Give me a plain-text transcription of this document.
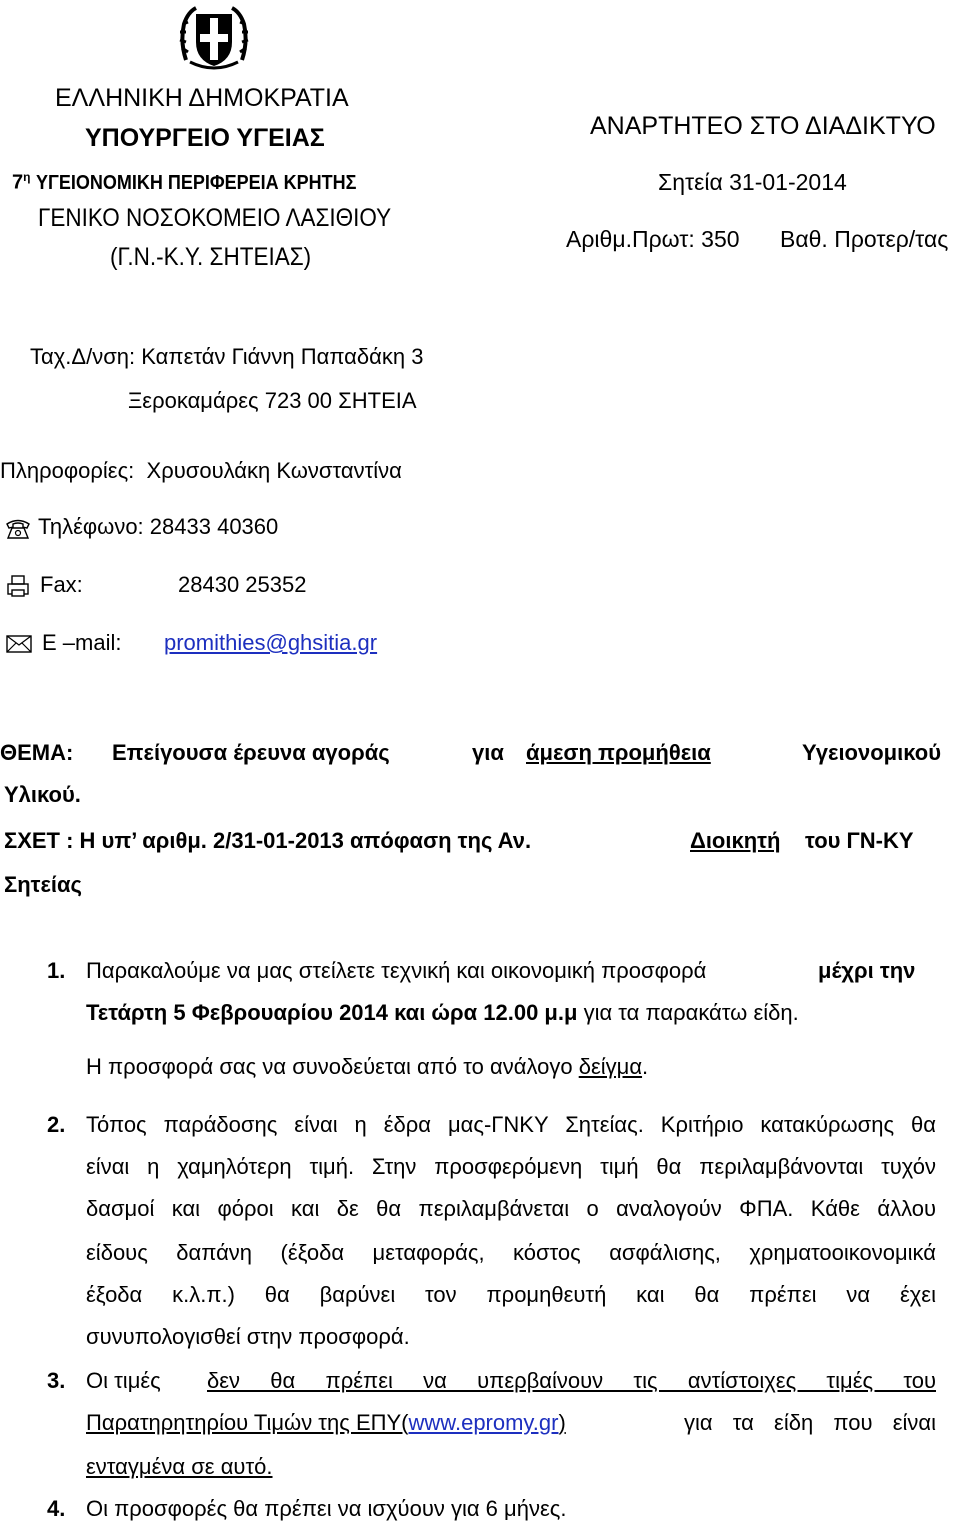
ΕΛΛΗΝΙΚΗ ΔΗΜΟΚΡΑΤΙΑ
ΥΠΟΥΡΓΕΙΟ ΥΓΕΙΑΣ
$7^\eta$ ΥΓΕΙΟΝΟΜΙΚΗ ΠΕΡΙΦΕΡΕΙΑ ΚΡΗΤΗΣ
ΓΕΝΙΚΟ ΝΟΣΟΚΟΜΕΙΟ ΛΑΣΙΘΙΟΥ
(Γ.Ν.-Κ.Υ. ΣΗΤΕΙΑΣ)
ΑΝΑΡΤΗΤΕΟ ΣΤΟ ΔΙΑΔΙΚΤΥΟ
Σητεία 31-01-2014
Αριθμ.Πρωτ: 350 Βαθ. Προτερ/τας
Ταχ.Δ/νση: Καπετάν Γιάννη Παπαδάκη 3
Ξεροκαμάρες 723 00 ΣΗΤΕΙΑ
Πληροφορίες: Χρυσουλάκη Κωνσταντίνα
Τηλέφωνο: 28433 40360
Fax:	28430 25352
E –mail: promithies@ghsitia.gr
ΘΕΜΑ: Επείγουσα έρευνα αγοράς	για άμεση προμήθεια	Υγειονομικού
Υλικού.
ΣΧΕΤ : Η υπ’ αριθμ. 2/31-01-2013 απόφαση της Αν.	Διοικητή του ΓΝ-ΚΥ
Σητείας
1. Παρακαλούμε να μας στείλετε τεχνική και οικονομική προσφορά	μέχρι την
Τετάρτη 5 Φεβρουαρίου 2014 και ώρα 12.00 μ.μ για τα παρακάτω είδη.
Η προσφορά σας να συνοδεύεται από το ανάλογο δείγμα.
2. Τόπος παράδοσης είναι η έδρα μας-ΓΝΚΥ Σητείας. Κριτήριο κατακύρωσης θα
είναι η χαμηλότερη τιμή. Στην προσφερόμενη τιμή θα περιλαμβάνονται τυχόν
δασμοί και φόροι και δε θα περιλαμβάνεται ο αναλογούν ΦΠΑ. Κάθε άλλου
είδους δαπάνη (έξοδα μεταφοράς, κόστος ασφάλισης, χρηματοοικονομικά
έξοδα κ.λ.π.) θα βαρύνει τον προμηθευτή και θα πρέπει να έχει
συνυπολογισθεί στην προσφορά.
3. Οι τιμές δεν θα πρέπει να υπερβαίνουν τις αντίστοιχες τιμές του
Παρατηρητηρίου Τιμών της ΕΠΥ(www.epromy.gr)	για τα είδη που είναι
ενταγμένα σε αυτό.
4. Οι προσφορές θα πρέπει να ισχύουν για 6 μήνες.
